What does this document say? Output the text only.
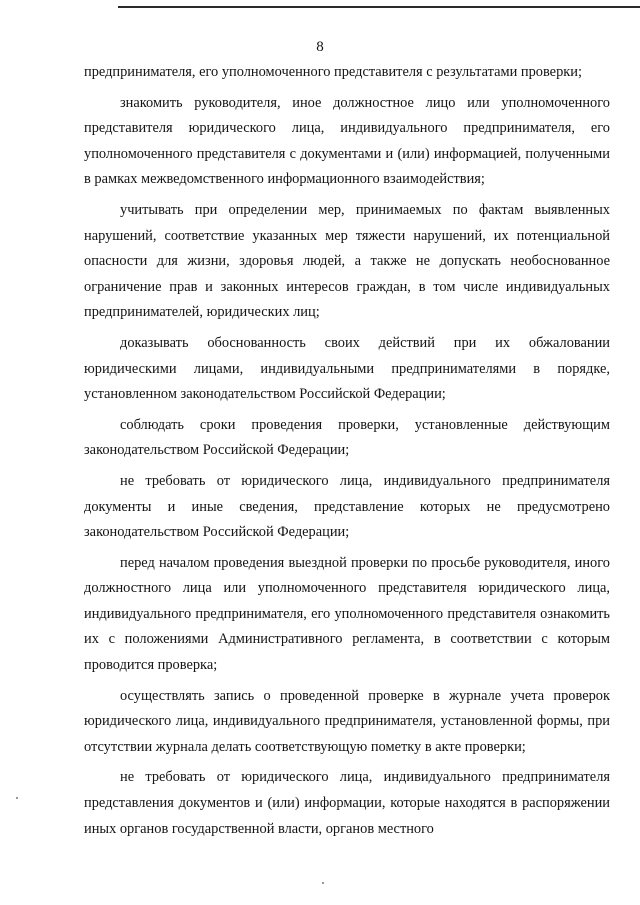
8

предпринимателя, его уполномоченного представителя с результатами проверки;

знакомить руководителя, иное должностное лицо или уполномоченного представителя юридического лица, индивидуального предпринимателя, его уполномоченного представителя с документами и (или) информацией, полученными в рамках межведомственного информационного взаимодействия;

учитывать при определении мер, принимаемых по фактам выявленных нарушений, соответствие указанных мер тяжести нарушений, их потенциальной опасности для жизни, здоровья людей, а также не допускать необоснованное ограничение прав и законных интересов граждан, в том числе индивидуальных предпринимателей, юридических лиц;

доказывать обоснованность своих действий при их обжаловании юридическими лицами, индивидуальными предпринимателями в порядке, установленном законодательством Российской Федерации;

соблюдать сроки проведения проверки, установленные действующим законодательством Российской Федерации;

не требовать от юридического лица, индивидуального предпринимателя документы и иные сведения, представление которых не предусмотрено законодательством Российской Федерации;

перед началом проведения выездной проверки по просьбе руководителя, иного должностного лица или уполномоченного представителя юридического лица, индивидуального предпринимателя, его уполномоченного представителя ознакомить их с положениями Административного регламента, в соответствии с которым проводится проверка;

осуществлять запись о проведенной проверке в журнале учета проверок юридического лица, индивидуального предпринимателя, установленной формы, при отсутствии журнала делать соответствующую пометку в акте проверки;

не требовать от юридического лица, индивидуального предпринимателя представления документов и (или) информации, которые находятся в распоряжении иных органов государственной власти, органов местного
